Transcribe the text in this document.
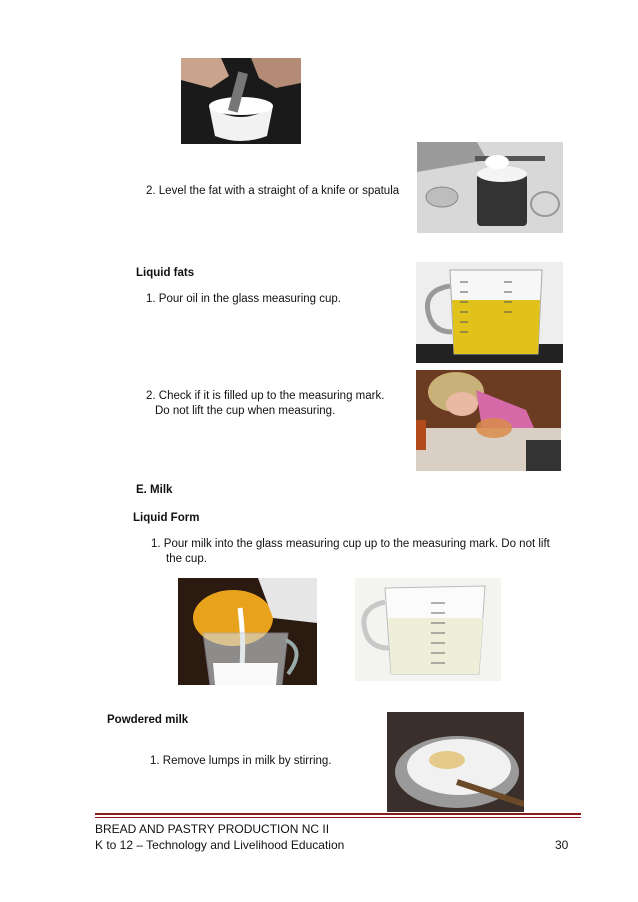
2. Level the fat with a straight of a knife or spatula
Liquid fats
1. Pour oil in the glass measuring cup.
2. Check if it is filled up to the measuring mark.
Do not lift the cup when measuring.
E. Milk
Liquid Form
1. Pour milk into the glass measuring cup up to the measuring mark. Do not lift
the cup.
Powdered milk
1. Remove lumps in milk by stirring.
BREAD AND PASTRY PRODUCTION NC II
K to 12 – Technology and Livelihood Education	30
